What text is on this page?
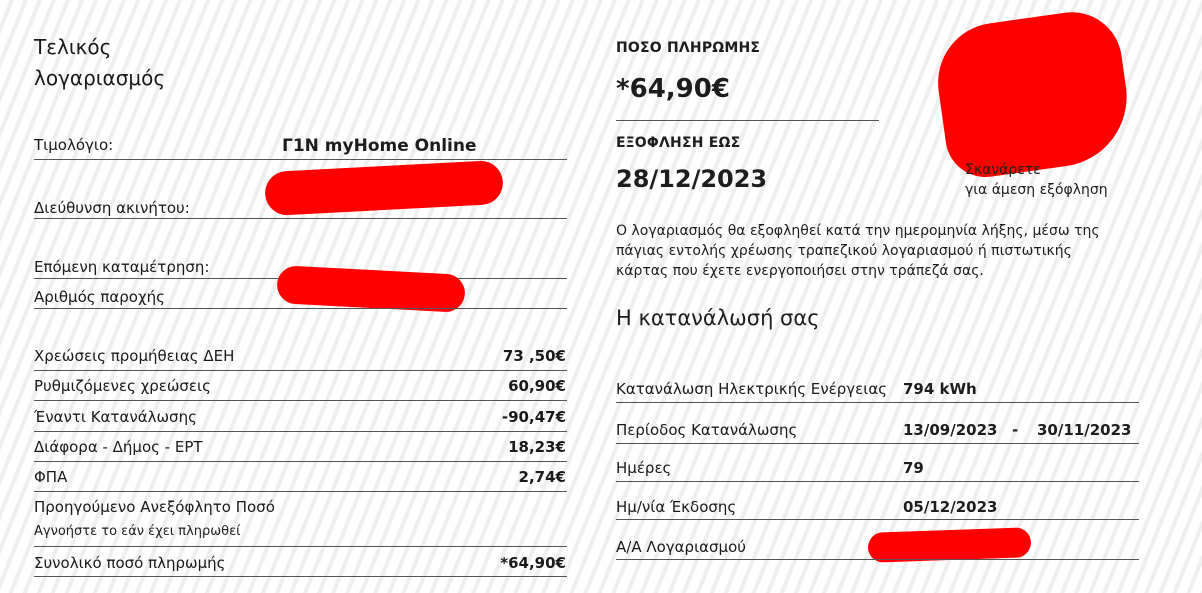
Τελικός
λογαριασμός
Τιμολόγιο:	Γ1Ν myHome Online
Διεύθυνση ακινήτου:
Επόμενη καταμέτρηση:
Αριθμός παροχής
Χρεώσεις προμήθειας ΔΕΗ	73 ,50€
Ρυθμιζόμενες χρεώσεις	60,90€
Έναντι Κατανάλωσης	-90,47€
Διάφορα - Δήμος - ΕΡΤ	18,23€
ΦΠΑ	2,74€
Προηγούμενο Ανεξόφλητο Ποσό
Αγνοήστε το εάν έχει πληρωθεί
Συνολικό ποσό πληρωμής	*64,90€
ΠΟΣΟ ΠΛΗΡΩΜΗΣ
*64,90€
ΕΞΟΦΛΗΣΗ ΕΩΣ
28/12/2023	Σκανάρετε
για άμεση εξόφληση
Ο λογαριασμός θα εξοφληθεί κατά την ημερομηνία λήξης, μέσω της
πάγιας εντολής χρέωσης τραπεζικού λογαριασμού ή πιστωτικής
κάρτας που έχετε ενεργοποιήσει στην τράπεζά σας.
Η κατανάλωσή σας
Κατανάλωση Ηλεκτρικής Ενέργειας 794 kWh
Περίοδος Κατανάλωσης	13/09/2023 - 30/11/2023
Ημέρες	79
Ημ/νία Έκδοσης	05/12/2023
Α/Α Λογαριασμού
